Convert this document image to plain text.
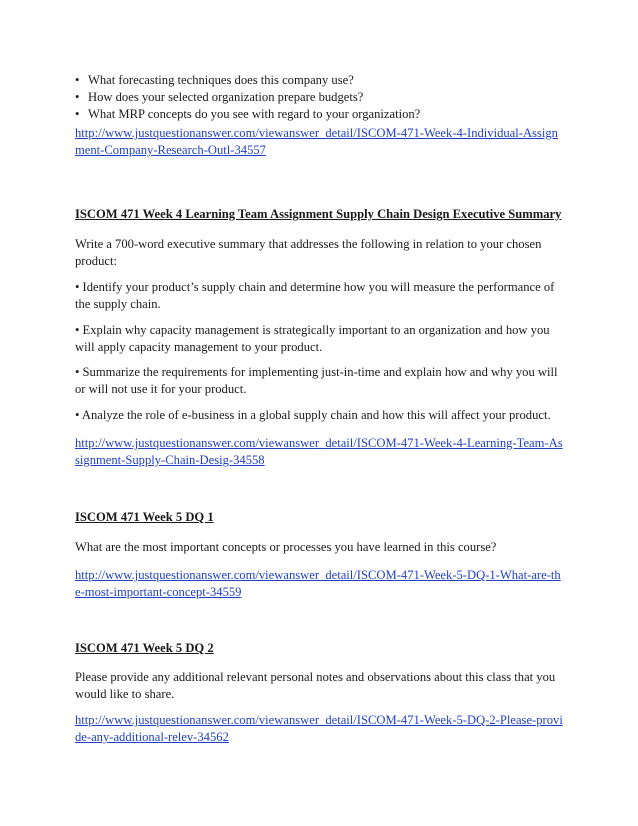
• What forecasting techniques does this company use?
• How does your selected organization prepare budgets?
• What MRP concepts do you see with regard to your organization?

http://www.justquestionanswer.com/viewanswer_detail/ISCOM-471-Week-4-Individual-Assignment-Company-Research-Outl-34557

ISCOM 471 Week 4 Learning Team Assignment Supply Chain Design Executive Summary

Write a 700-word executive summary that addresses the following in relation to your chosen product:

• Identify your product’s supply chain and determine how you will measure the performance of the supply chain.

• Explain why capacity management is strategically important to an organization and how you will apply capacity management to your product.

• Summarize the requirements for implementing just-in-time and explain how and why you will or will not use it for your product.

• Analyze the role of e-business in a global supply chain and how this will affect your product.

http://www.justquestionanswer.com/viewanswer_detail/ISCOM-471-Week-4-Learning-Team-Assignment-Supply-Chain-Desig-34558

ISCOM 471 Week 5 DQ 1

What are the most important concepts or processes you have learned in this course?

http://www.justquestionanswer.com/viewanswer_detail/ISCOM-471-Week-5-DQ-1-What-are-the-most-important-concept-34559

ISCOM 471 Week 5 DQ 2

Please provide any additional relevant personal notes and observations about this class that you would like to share.

http://www.justquestionanswer.com/viewanswer_detail/ISCOM-471-Week-5-DQ-2-Please-provide-any-additional-relev-34562
